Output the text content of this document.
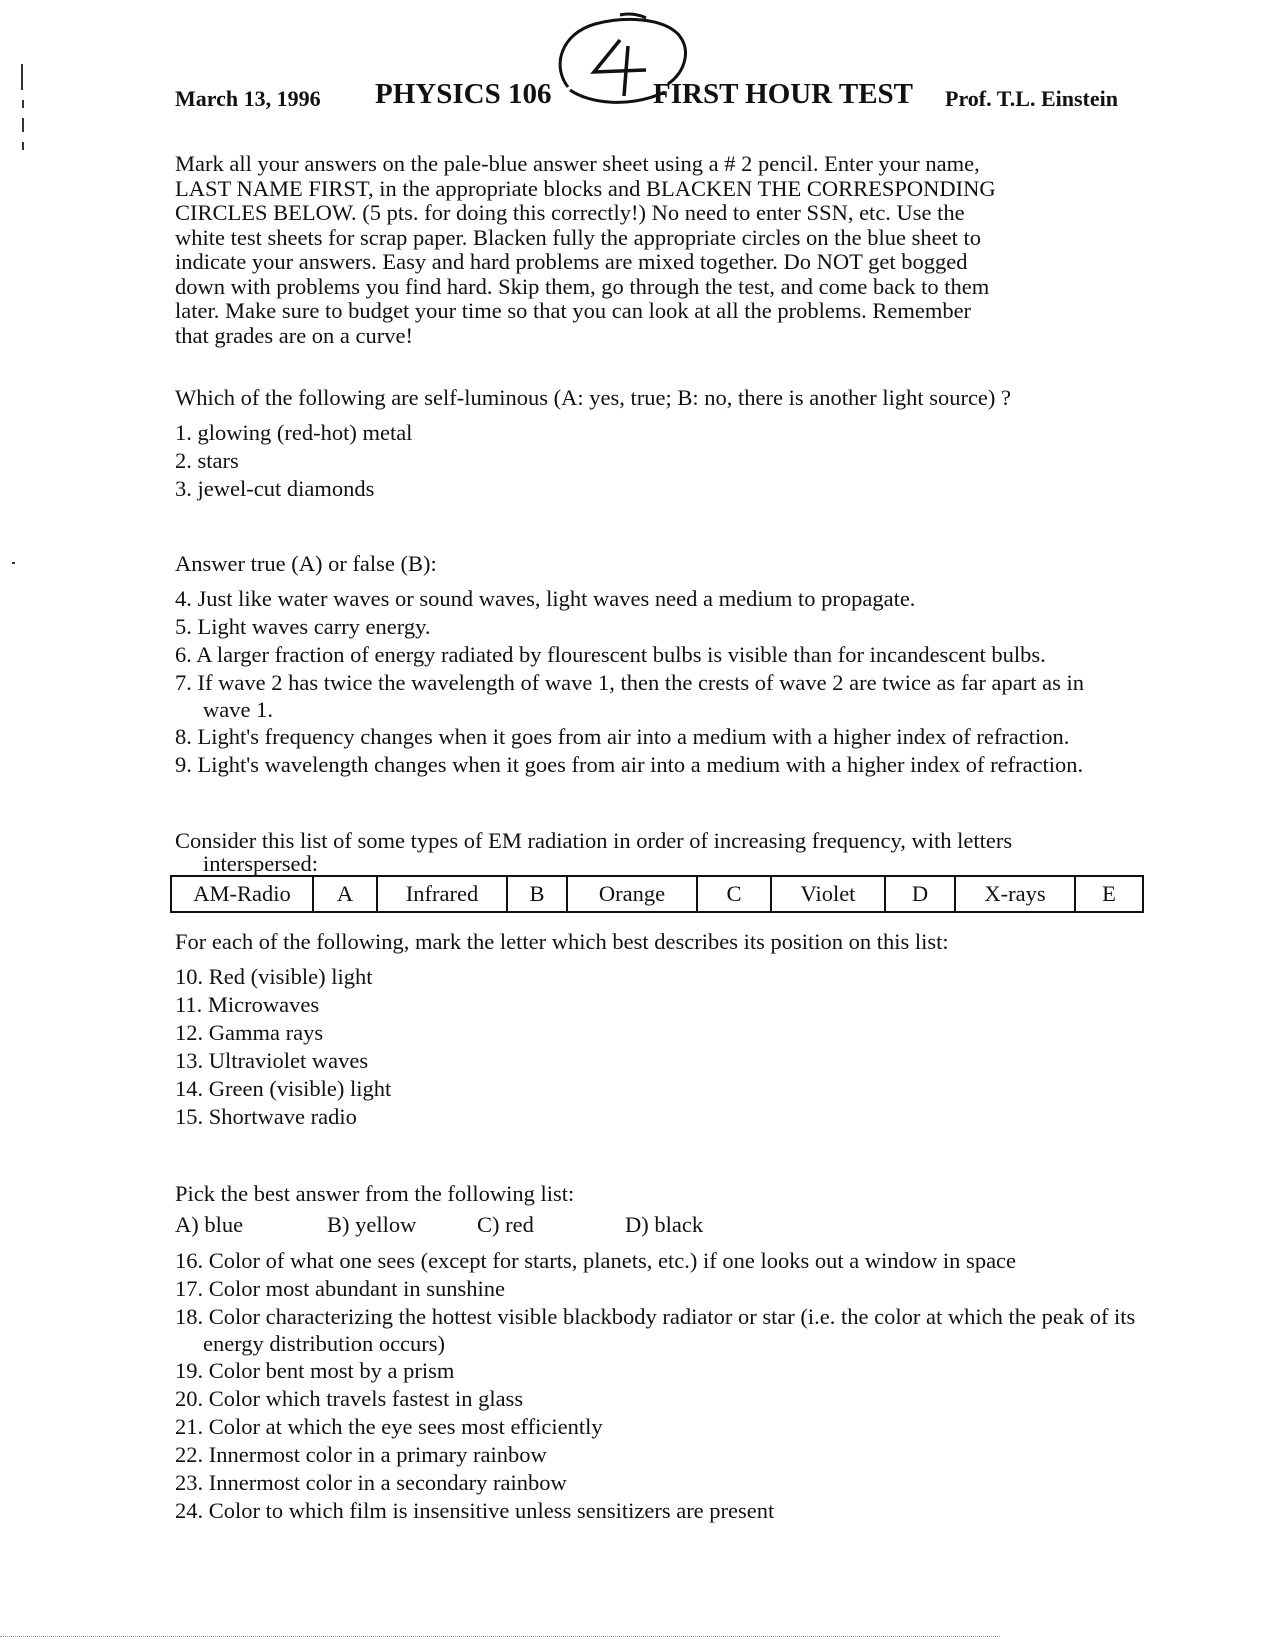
March 13, 1996 PHYSICS 106	FIRST HOUR TEST Prof. T.L. Einstein
Mark all your answers on the pale-blue answer sheet using a # 2 pencil. Enter your name,
LAST NAME FIRST, in the appropriate blocks and BLACKEN THE CORRESPONDING
CIRCLES BELOW. (5 pts. for doing this correctly!) No need to enter SSN, etc. Use the
white test sheets for scrap paper. Blacken fully the appropriate circles on the blue sheet to
indicate your answers. Easy and hard problems are mixed together. Do NOT get bogged
down with problems you find hard. Skip them, go through the test, and come back to them
later. Make sure to budget your time so that you can look at all the problems. Remember
that grades are on a curve!
Which of the following are self-luminous (A: yes, true; B: no, there is another light source) ?
1. glowing (red-hot) metal
2. stars
3. jewel-cut diamonds
Answer true (A) or false (B):
4. Just like water waves or sound waves, light waves need a medium to propagate.
5. Light waves carry energy.
6. A larger fraction of energy radiated by flourescent bulbs is visible than for incandescent bulbs.
7. If wave 2 has twice the wavelength of wave 1, then the crests of wave 2 are twice as far apart as in wave 1.
8. Light's frequency changes when it goes from air into a medium with a higher index of refraction.
9. Light's wavelength changes when it goes from air into a medium with a higher index of refraction.
Consider this list of some types of EM radiation in order of increasing frequency, with letters interspersed:
AM-Radio	A	Infrared	B	Orange	C	Violet	D	X-rays	E
For each of the following, mark the letter which best describes its position on this list:
10. Red (visible) light
11. Microwaves
12. Gamma rays
13. Ultraviolet waves
14. Green (visible) light
15. Shortwave radio
Pick the best answer from the following list:
A) blue	B) yellow	C) red	D) black
16. Color of what one sees (except for starts, planets, etc.) if one looks out a window in space
17. Color most abundant in sunshine
18. Color characterizing the hottest visible blackbody radiator or star (i.e. the color at which the peak of its energy distribution occurs)
19. Color bent most by a prism
20. Color which travels fastest in glass
21. Color at which the eye sees most efficiently
22. Innermost color in a primary rainbow
23. Innermost color in a secondary rainbow
24. Color to which film is insensitive unless sensitizers are present
